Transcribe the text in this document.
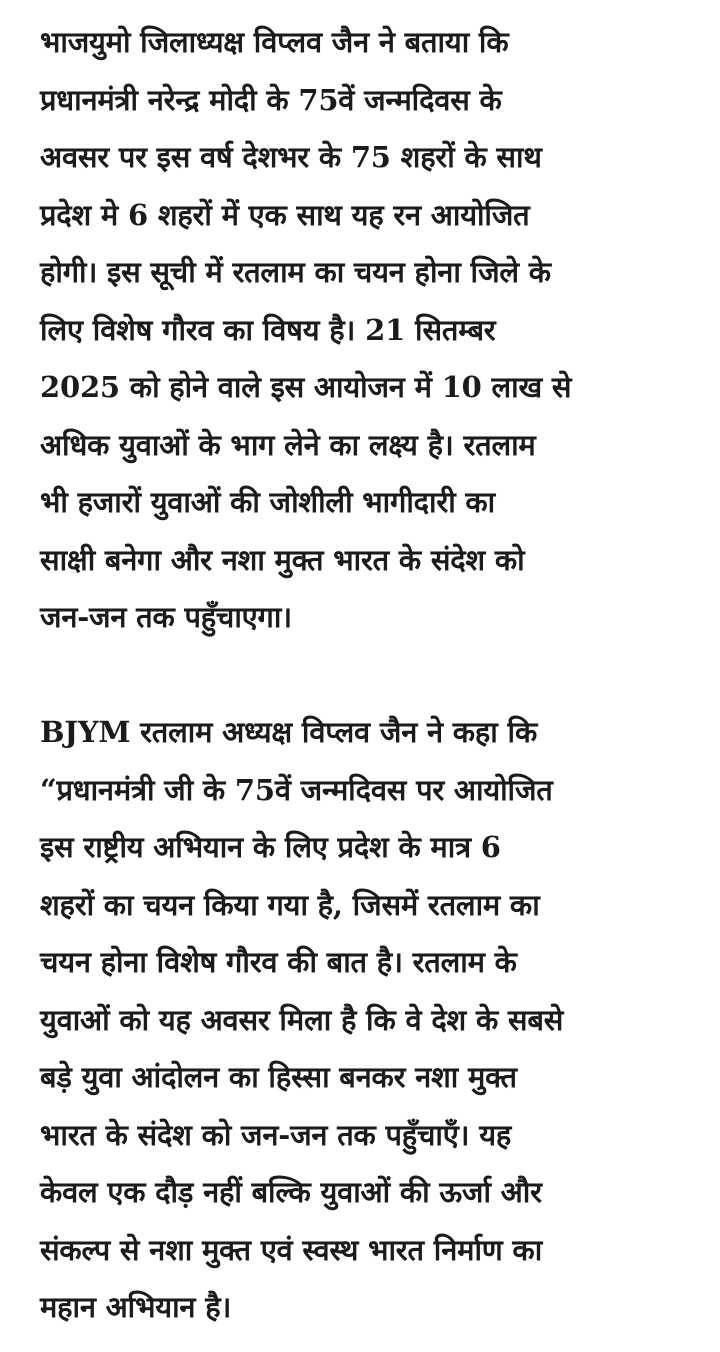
भाजयुमो जिलाध्यक्ष विप्लव जैन ने बताया कि
प्रधानमंत्री नरेन्द्र मोदी के 75वें जन्मदिवस के
अवसर पर इस वर्ष देशभर के 75 शहरों के साथ
प्रदेश मे 6 शहरों में एक साथ यह रन आयोजित
होगी। इस सूची में रतलाम का चयन होना जिले के
लिए विशेष गौरव का विषय है। 21 सितम्बर
2025 को होने वाले इस आयोजन में 10 लाख से
अधिक युवाओं के भाग लेने का लक्ष्य है। रतलाम
भी हजारों युवाओं की जोशीली भागीदारी का
साक्षी बनेगा और नशा मुक्त भारत के संदेश को
जन-जन तक पहुँचाएगा।

BJYM रतलाम अध्यक्ष विप्लव जैन ने कहा कि
“प्रधानमंत्री जी के 75वें जन्मदिवस पर आयोजित
इस राष्ट्रीय अभियान के लिए प्रदेश के मात्र 6
शहरों का चयन किया गया है, जिसमें रतलाम का
चयन होना विशेष गौरव की बात है। रतलाम के
युवाओं को यह अवसर मिला है कि वे देश के सबसे
बड़े युवा आंदोलन का हिस्सा बनकर नशा मुक्त
भारत के संदेश को जन-जन तक पहुँचाएँ। यह
केवल एक दौड़ नहीं बल्कि युवाओं की ऊर्जा और
संकल्प से नशा मुक्त एवं स्वस्थ भारत निर्माण का
महान अभियान है।
